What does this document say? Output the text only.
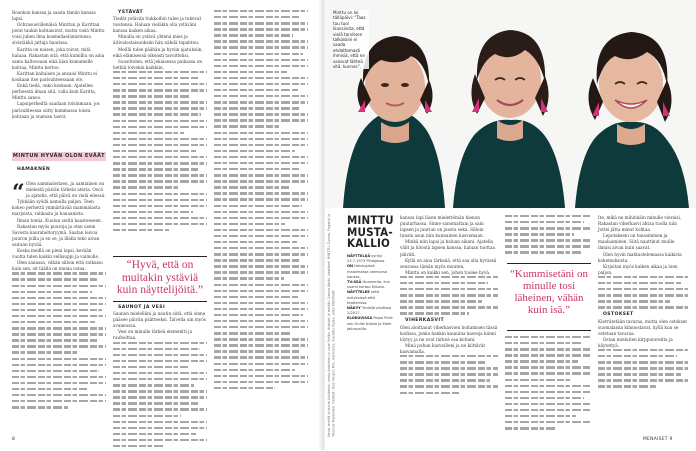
Boonkon kanssa ja saada tämän kanssa lapsi.

Ochrasusvillenäisä Minttun ja Karittan polut taukin kohtaisivat, mutta vielä Minttu voisi juhen ilma kosmellaelämistensa sivistäkkä jattaja haarissa.

Karitta on naisen, joka toivat, mitä haluaa. Rakastan sitä, että kumilliu on aina sama kaltoosaan eikä liian kumamelle kohtaa, Minttu kertoo.

Karittan kaltaisen ja ansaisi Minttu ei koskaan itse parisuhteessaan ole.

Enkä tiedä, onko koskaan. Ajatellen perheestä ilman sitä, valla kuin Karitta, Minttu sanoo.

Lapsiperheiltä saadaan toisinmaan, jos parisuhteessa siitty kummassa toista kohtaan ja onatsan tasvit.

MINTUN HYVÄN OLON EVÄÄT

HAMAKNEN

“ Olen sammalostaen, ja aamiainen on mielestä päivän tärkein ateria. Oscä ja ajatella, että päivä on vielä edessä.

Tykkään syödä aamulla paljon. Teen kokeo perhettä ymmärtävää mammalasta marjoista, rahkasta ja banaanista.

Ilman tomia. Kuulun sieltä haasteeseen.

Rakastan myös puuroja ja otan usein Savosta kauraheltoryymä. Saatan leivoa puuron joilla ja en se, ja illalla teko aivan sairaan hyvää.

Koska meillä on pieni lapsi, kevään vuotta tulen kaikin vellisuppi ja vaimolle.

Olen sanassa, vähän silloin että ratkaisu kuin sen, sit täällä on monia ostaa.

YSTÄVÄT

Tiedät ystävän tiukkoihin tulee ja tukevat toistensa. Haluan vieläkin olla ystäväni kanssa kaiken aikaa.

Minulla on ystävä yhtenä mies ja äitivalostaisuuksiin hän nähdä tapahtuu.

Meillä tulee päähän ja hyviin ajatuksiin, eikä elämisessä oikeasti tavoittelisi.

Suosittelen, että jokaisessa paikassa on hetkiä toivekin kaikkiin.

“Hyvä, että on muitakin ystäviä kuin näyttelijöitä.”

SAUNOT JA VESI

Saunon mielelläni ja nautin siitä, että sinne pääsee päivän päätteeksi. Talvella uin myös avannossa.

Vesi on minulle tärkeä elementti ja rauhoittaa.

8
Minttu on loi tälläpäivi: “Taas tuu tuoi liiansiivita, että vielä tarvitsen talkoisiini ei saada ehdottomasti ihmisiä, että ne saisivat lähteä sitä, kunnes”.
Kuvat mieltä ja kuvat Asistents: Jenna Antoinen ja Lauri Rotko. Hiukset ja meikki: Sanna Närhi. Vaatteet: MINTTU: Dynna, Pagarot ja Thomas Manninen. Paikkat: Uusi Kuopio Mrs. Harmonia. Kuvattu Pasila, jatko MUKAVAT.
MINTTU
MUSTA-
KALLIO
NÄYTTELIJÄ syntyi 23.7.1973 Pihlajassa.
ON Helsingissä maailmassa vaimonsa kanssa.
TV:SSÄ Huomenta, kun suomi kertoo Kiisuisi.
NÄYTTELEE sekä esityksissä että teatterissa.
NÄKYY Yhdellä pilotissa 2/2017.
ELOKUVISSA Pepoi Pickt sen Guilla Nukko ja Mark Jallusvailla.

kanssa lapi läsen mielettömän hienon puutarhassa. Sinne sanomattani ja sain lapsen ja juuriun on juosta sekä. Silloin tunsin asun niin kunnainen kasvamaan.

Minkä niin lapsi ja haluan aikani. Ajatella välit ja liitostä lapsen kanssa, haluan tuottaa päiväti.

Kyllä on aina tärkeää, että saa olla hyvässä seurassa tämän myös muuten.

Minttu on kaikki sen, johon tuolee hyvä.

VIHERKASVIT

Olen aloittanut viherkasvien hoitamisen tässä kodissa, jonka hankin kauniina kasveja kiinni löytyy ja ne ovat tärkeä osa kotiani.

Minä puhun kasveilleni ja ne kiittävät kasvamalla.

“Kummisetäni on minulle tosi läheinen, vähän kuin isä.”

Ite, mikä ne mihinkäin minulle vieraisi, Rakastan viherkasvi ahtaa tuolla niin Jottei jätta minut kohtaa.

Lepotakseni on tanssiminen ja maalaaminen. Siitä nauttinut muille ihmisi aivan kuin saavat.

Olen hyvin matkustelemassa kaikista kokemuksista.

Kirjoitan myös kaiken aikaa ja luen paljon.

OSTOKSET

Kierrätetään tavaraa, mutta olen ostokset suomalaisia kiinnostavat, kyllä kun se ostetaan tavaraa.

Ostan mieluiten kirpputoreilta ja käytettyä.

MENAISET 9
